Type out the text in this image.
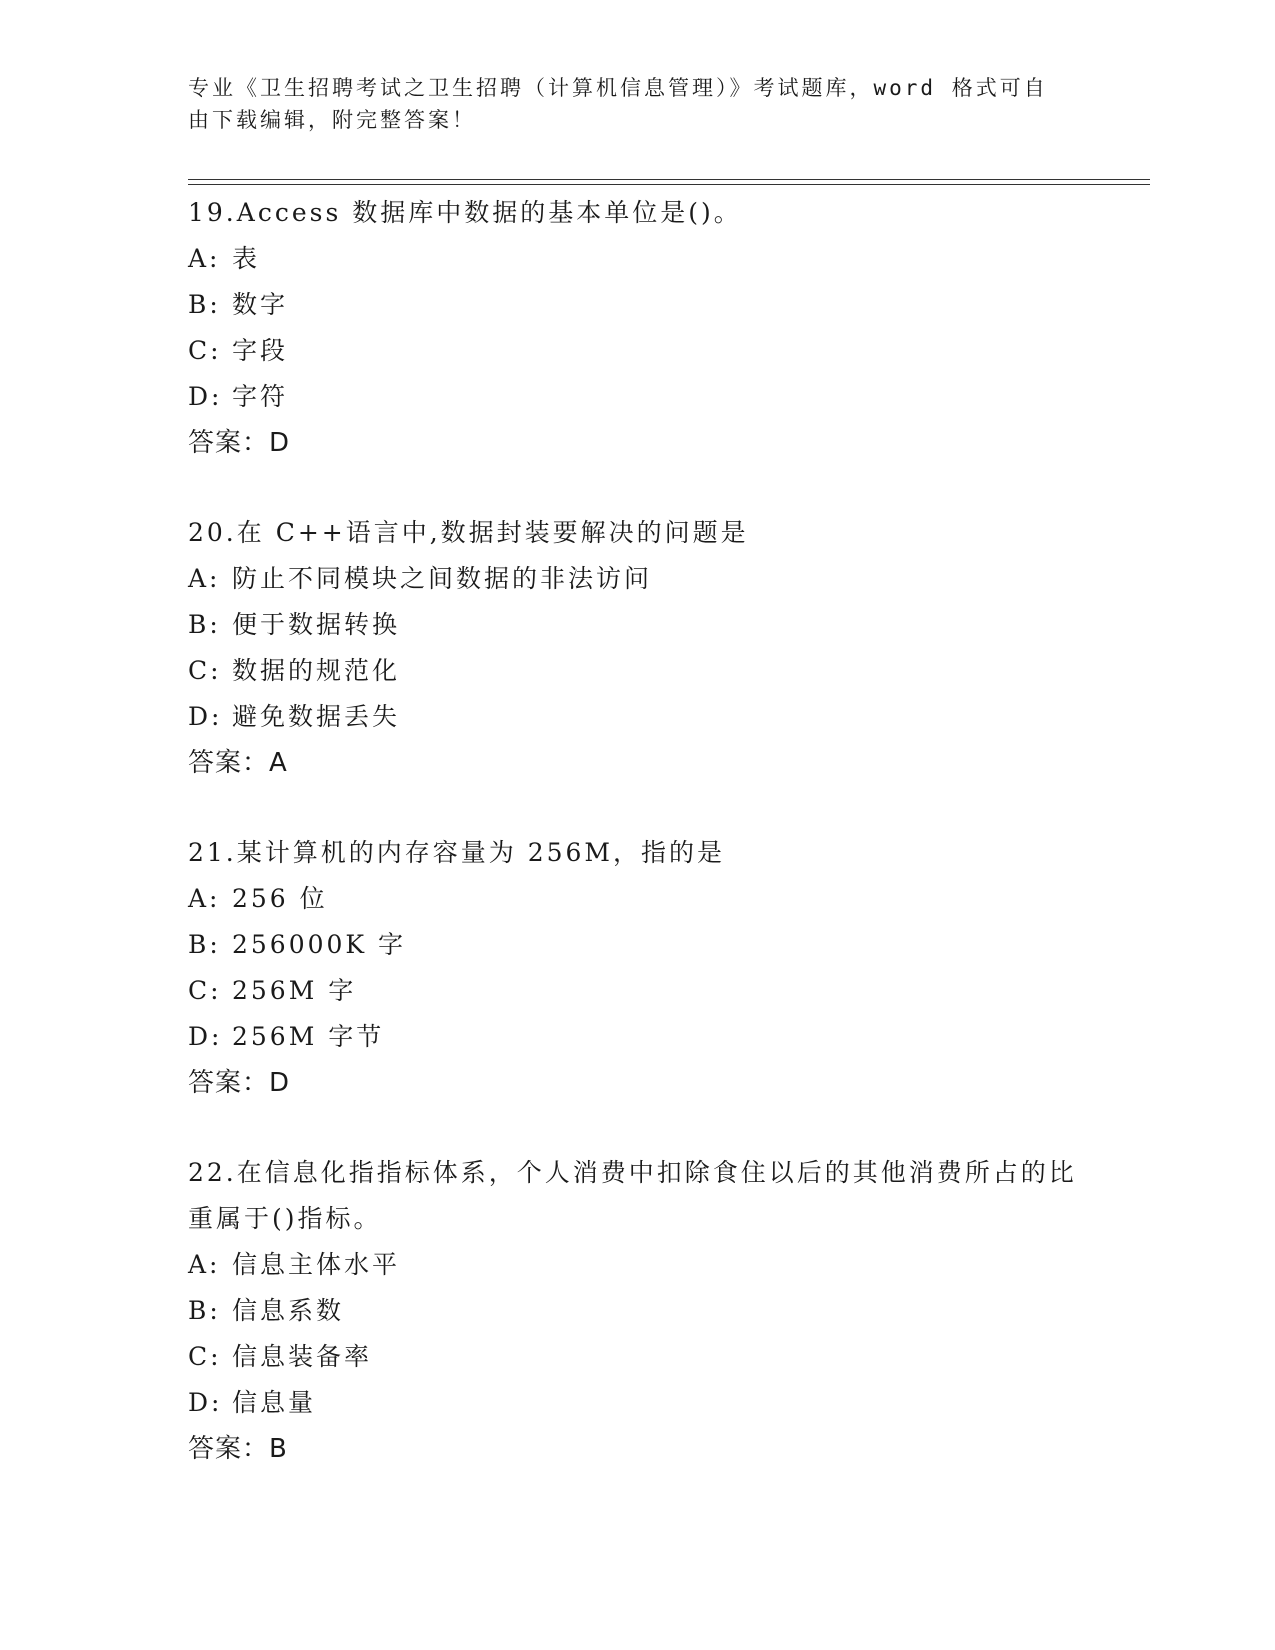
专业《卫生招聘考试之卫生招聘（计算机信息管理）》考试题库，word 格式可自由下载编辑，附完整答案！
19.Access 数据库中数据的基本单位是()。
A: 表
B: 数字
C: 字段
D: 字符
答案：D
20.在 C++语言中,数据封装要解决的问题是
A: 防止不同模块之间数据的非法访问
B: 便于数据转换
C: 数据的规范化
D: 避免数据丢失
答案：A
21.某计算机的内存容量为 256M，指的是
A: 256 位
B: 256000K 字
C: 256M 字
D: 256M 字节
答案：D
22.在信息化指指标体系，个人消费中扣除食住以后的其他消费所占的比重属于()指标。
A: 信息主体水平
B: 信息系数
C: 信息装备率
D: 信息量
答案：B
